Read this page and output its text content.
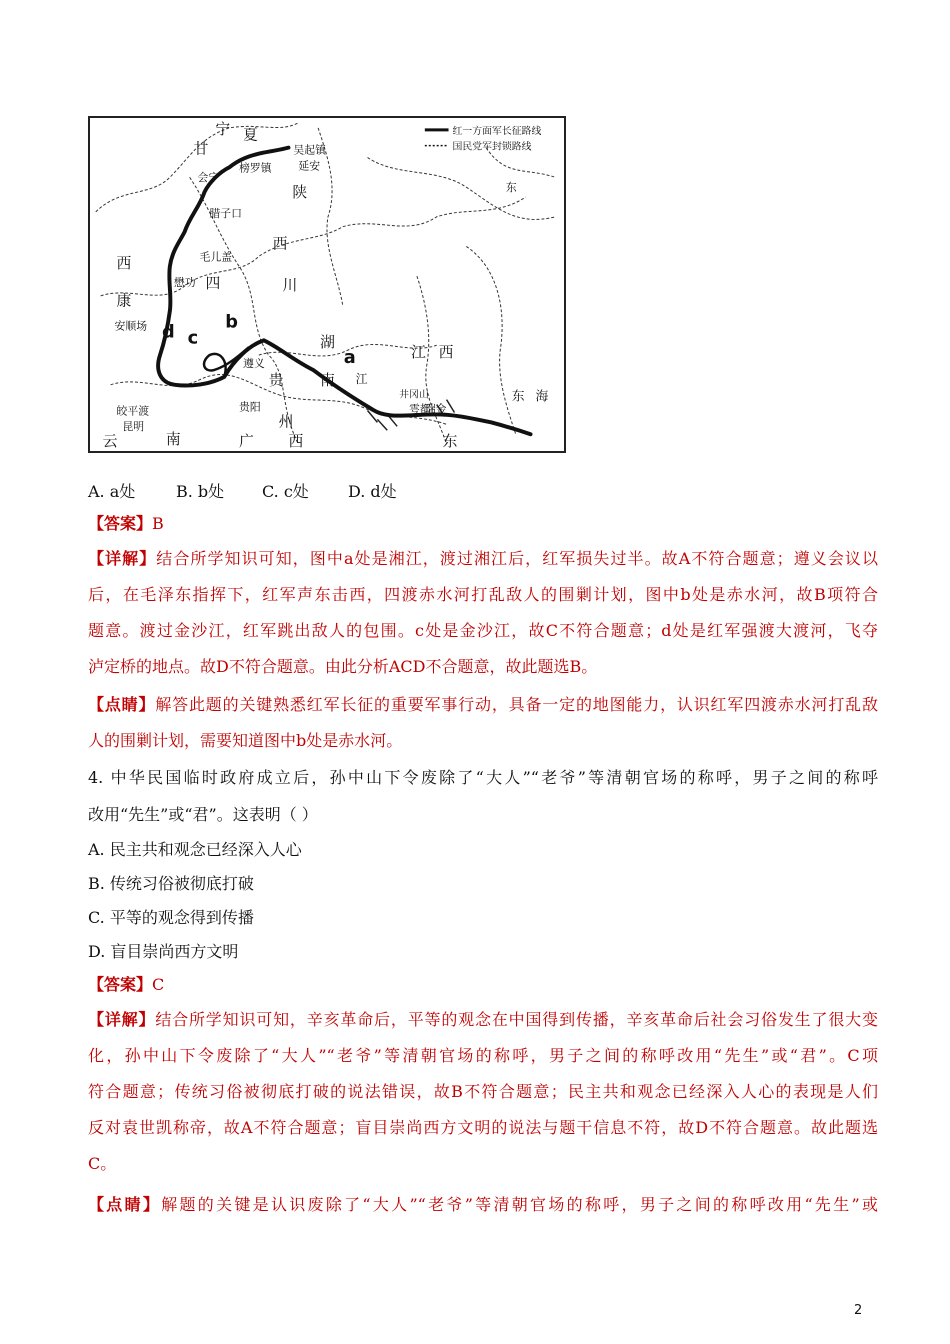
红一方面军长征路线
国民党军封锁路线
宁 夏
甘	吴起镇
延安
会宁
榜罗镇
陕
腊子口
西
川
毛儿盖
西
康
懋功 四
安顺场
湖
南 江
江 西
东
东 海
遵义
贵
州
贵阳
皎平渡
昆明
云	南	广 西
井冈山
雩都
瑞金
东
b
a
c
d
A. a处	B. b处 C. c处 D. d处
【答案】B
【详解】结合所学知识可知，图中a处是湘江，渡过湘江后，红军损失过半。故A不符合题意；遵义会议以
后，在毛泽东指挥下，红军声东击西，四渡赤水河打乱敌人的围剿计划，图中b处是赤水河，故B项符合
题意。渡过金沙江，红军跳出敌人的包围。c处是金沙江，故C不符合题意；d处是红军强渡大渡河，飞夺
泸定桥的地点。故D不符合题意。由此分析ACD不合题意，故此题选B。
【点睛】解答此题的关键熟悉红军长征的重要军事行动，具备一定的地图能力，认识红军四渡赤水河打乱敌
人的围剿计划，需要知道图中b处是赤水河。
4. 中华民国临时政府成立后，孙中山下令废除了“大人”“老爷”等清朝官场的称呼，男子之间的称呼
改用“先生”或“君”。这表明（ ）
A. 民主共和观念已经深入人心
B. 传统习俗被彻底打破
C. 平等的观念得到传播
D. 盲目崇尚西方文明
【答案】C
【详解】结合所学知识可知，辛亥革命后，平等的观念在中国得到传播，辛亥革命后社会习俗发生了很大变
化，孙中山下令废除了“大人”“老爷”等清朝官场的称呼，男子之间的称呼改用“先生”或“君”。C项
符合题意；传统习俗被彻底打破的说法错误，故B不符合题意；民主共和观念已经深入人心的表现是人们
反对袁世凯称帝，故A不符合题意；盲目崇尚西方文明的说法与题干信息不符，故D不符合题意。故此题选
C。
【点睛】解题的关键是认识废除了“大人”“老爷”等清朝官场的称呼，男子之间的称呼改用“先生”或
2
